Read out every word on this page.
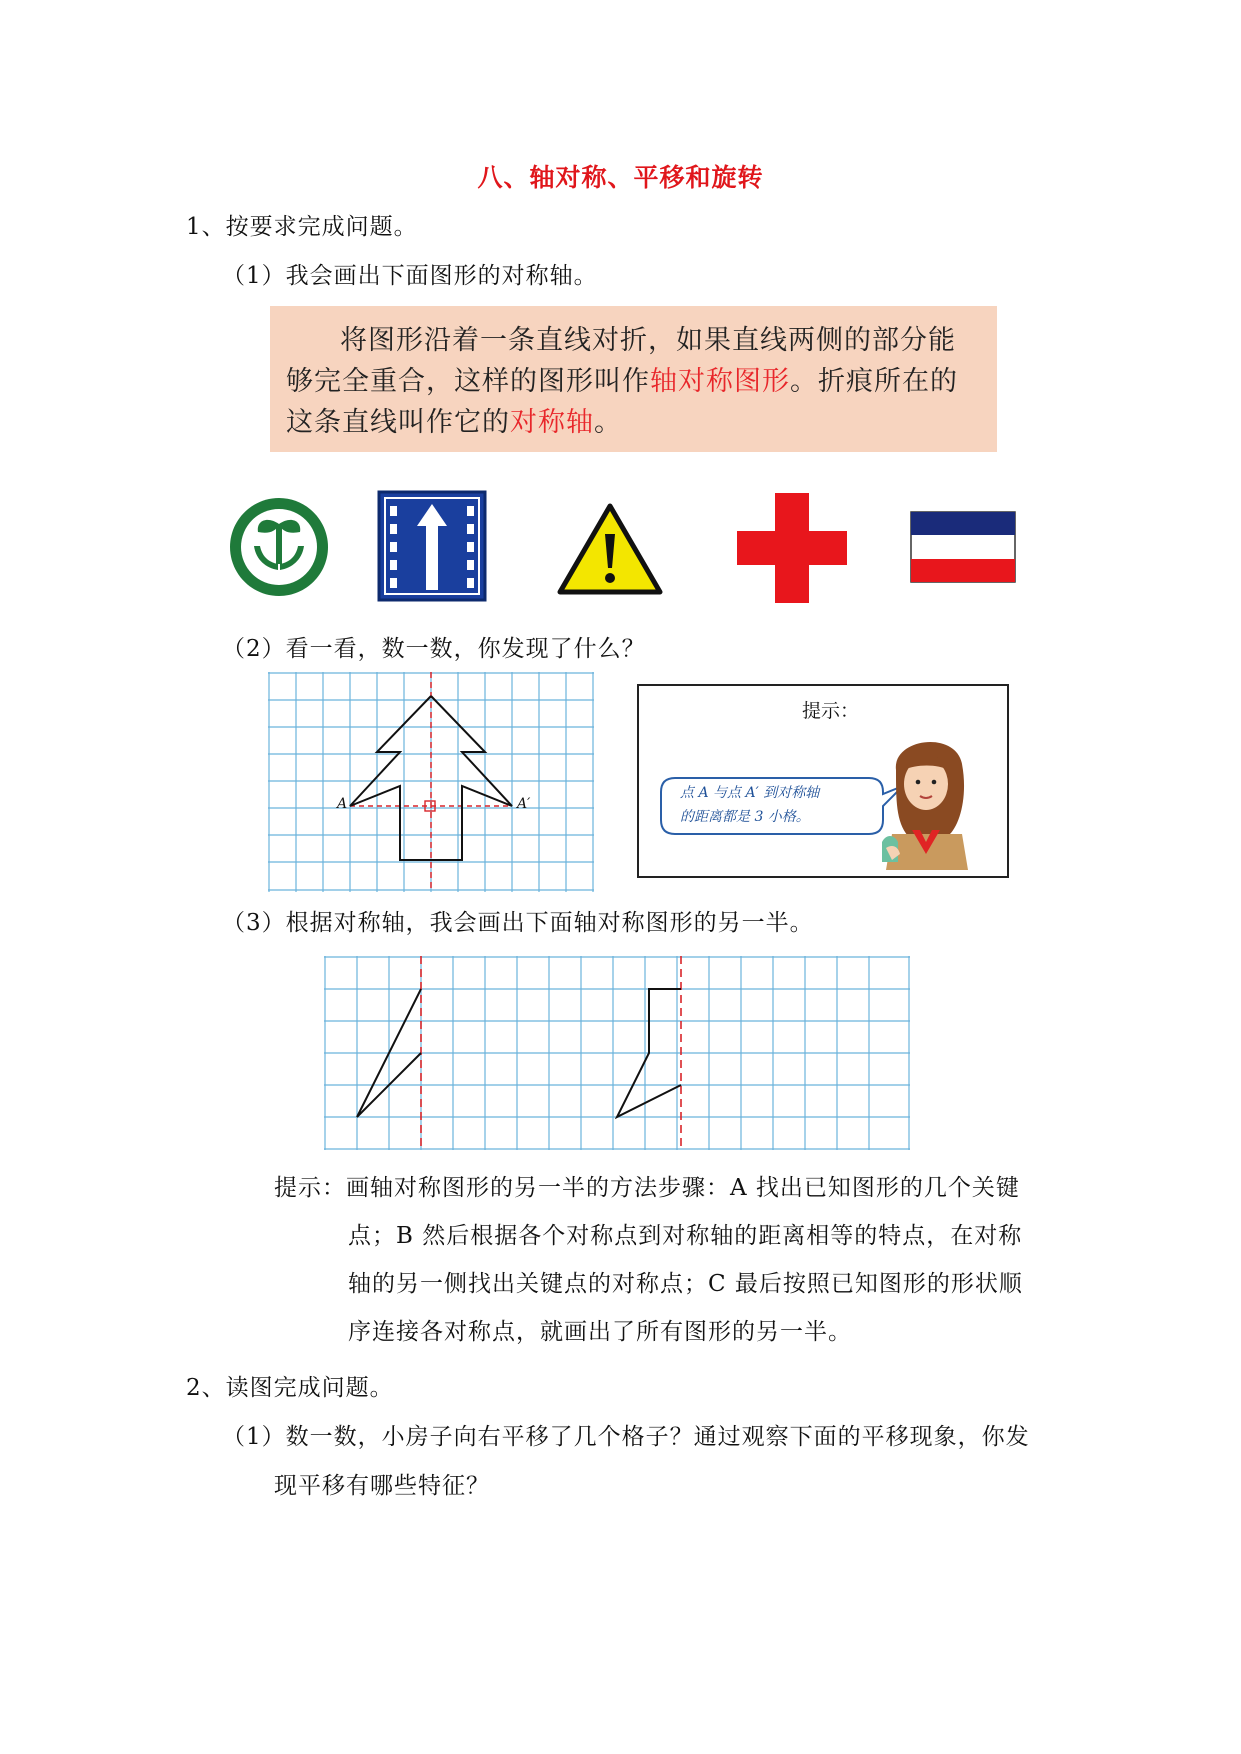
八、轴对称、平移和旋转
1、按要求完成问题。
（1）我会画出下面图形的对称轴。
将图形沿着一条直线对折，如果直线两侧的部分能够完全重合，这样的图形叫作轴对称图形。折痕所在的这条直线叫作它的对称轴。
（2）看一看，数一数，你发现了什么？
A	A′
提示：
点 A 与点 A′ 到对称轴
的距离都是 3 小格。
（3）根据对称轴，我会画出下面轴对称图形的另一半。
提示：画轴对称图形的另一半的方法步骤：A 找出已知图形的几个关键
点；B 然后根据各个对称点到对称轴的距离相等的特点，在对称
轴的另一侧找出关键点的对称点；C 最后按照已知图形的形状顺
序连接各对称点，就画出了所有图形的另一半。
2、读图完成问题。
（1）数一数，小房子向右平移了几个格子？通过观察下面的平移现象，你发
现平移有哪些特征？
